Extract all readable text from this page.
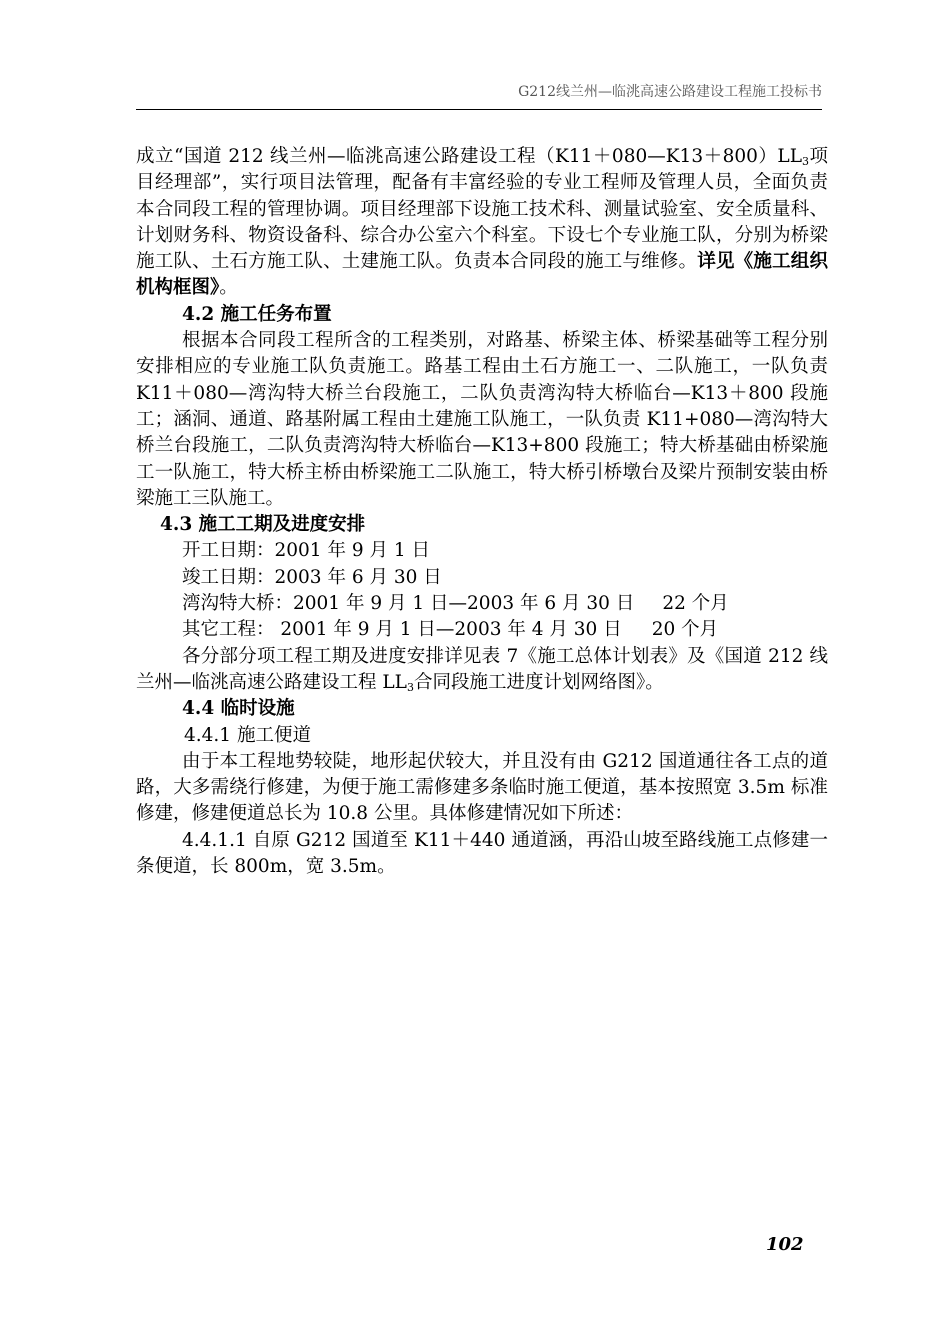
G212线兰州—临洮高速公路建设工程施工投标书

成立“国道 212 线兰州—临洮高速公路建设工程$(K11+080—K13+800)LL_3$项目经理部”，实行项目法管理，配备有丰富经验的专业工程师及管理人员，全面负责本合同段工程的管理协调。项目经理部下设施工技术科、测量试验室、安全质量科、计划财务科、物资设备科、综合办公室六个科室。下设七个专业施工队，分别为桥梁施工队、土石方施工队、土建施工队。负责本合同段的施工与维修。详见《施工组织机构框图》。

4.2 施工任务布置

根据本合同段工程所含的工程类别，对路基、桥梁主体、桥梁基础等工程分别安排相应的专业施工队负责施工。路基工程由土石方施工一、二队施工，一队负责 K11＋080—湾沟特大桥兰台段施工，二队负责湾沟特大桥临台—K13＋800 段施工；涵洞、通道、路基附属工程由土建施工队施工，一队负责 K11+080—湾沟特大桥兰台段施工，二队负责湾沟特大桥临台—K13+800 段施工；特大桥基础由桥梁施工一队施工，特大桥主桥由桥梁施工二队施工，特大桥引桥墩台及梁片预制安装由桥梁施工三队施工。

4.3 施工工期及进度安排

开工日期：2001 年 9 月 1 日

竣工日期：2003 年 6 月 30 日

湾沟特大桥：2001 年 9 月 1 日—2003 年 6 月 30 日 22 个月

其它工程： 2001 年 9 月 1 日—2003 年 4 月 30 日 20 个月

各分部分项工程工期及进度安排详见表 7《施工总体计划表》及《国道 212 线兰州—临洮高速公路建设工程 $LL_3$合同段施工进度计划网络图》。

4.4 临时设施

4.4.1 施工便道

由于本工程地势较陡，地形起伏较大，并且没有由 G212 国道通往各工点的道路，大多需绕行修建，为便于施工需修建多条临时施工便道，基本按照宽 3.5m 标准修建，修建便道总长为 10.8 公里。具体修建情况如下所述：

4.4.1.1 自原 G212 国道至 K11＋440 通道涵，再沿山坡至路线施工点修建一条便道，长 800m，宽 3.5m。

102
